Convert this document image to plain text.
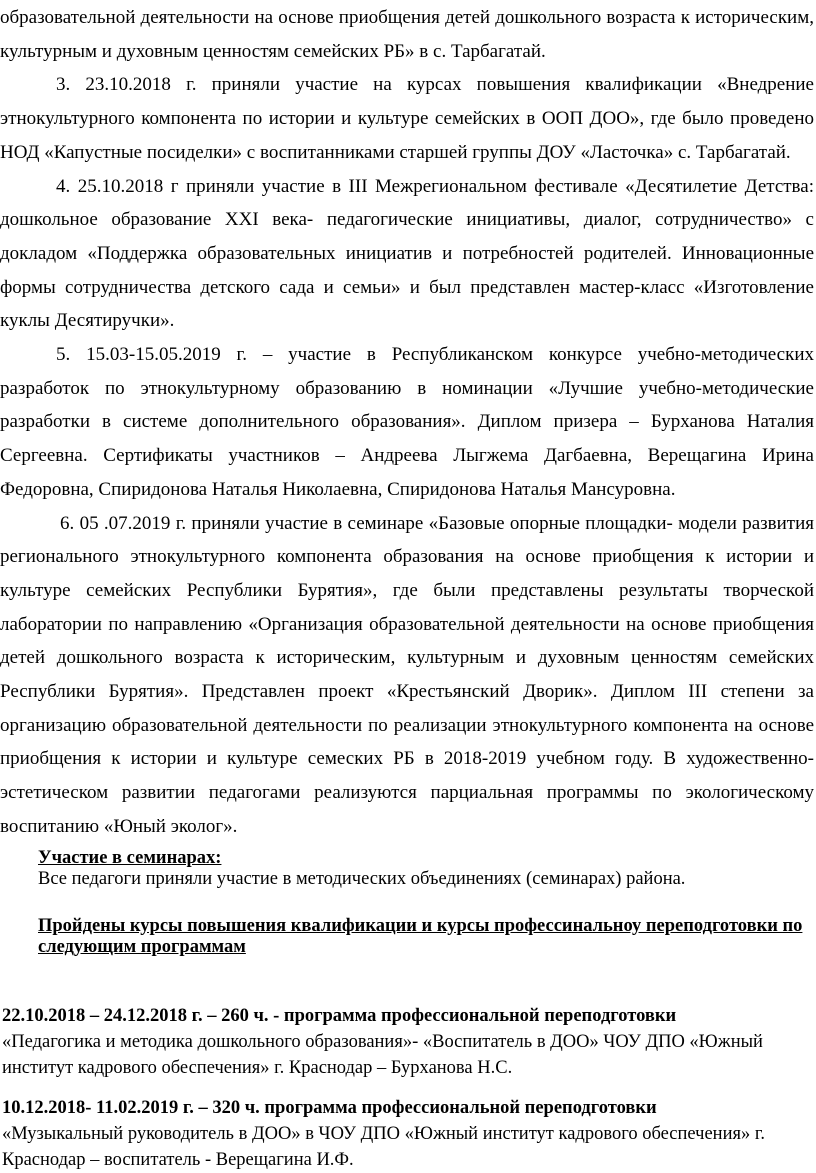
образовательной деятельности на основе приобщения детей дошкольного возраста к историческим, культурным и духовным ценностям семейских РБ» в с. Тарбагатай.

3. 23.10.2018 г. приняли участие на курсах повышения квалификации «Внедрение этнокультурного компонента по истории и культуре семейских в ООП ДОО», где было проведено НОД «Капустные посиделки» с воспитанниками старшей группы ДОУ «Ласточка» с. Тарбагатай.

4. 25.10.2018 г приняли участие в III Межрегиональном фестивале «Десятилетие Детства: дошкольное образование XXI века- педагогические инициативы, диалог, сотрудничество» с докладом «Поддержка образовательных инициатив и потребностей родителей. Инновационные формы сотрудничества детского сада и семьи» и был представлен мастер-класс «Изготовление куклы Десятиручки».

5. 15.03-15.05.2019 г. – участие в Республиканском конкурсе учебно-методических разработок по этнокультурному образованию в номинации «Лучшие учебно-методические разработки в системе дополнительного образования». Диплом призера – Бурханова Наталия Сергеевна. Сертификаты участников – Андреева Лыгжема Дагбаевна, Верещагина Ирина Федоровна, Спиридонова Наталья Николаевна, Спиридонова Наталья Мансуровна.

6. 05 .07.2019 г. приняли участие в семинаре «Базовые опорные площадки- модели развития регионального этнокультурного компонента образования на основе приобщения к истории и культуре семейских Республики Бурятия», где были представлены результаты творческой лаборатории по направлению «Организация образовательной деятельности на основе приобщения детей дошкольного возраста к историческим, культурным и духовным ценностям семейских Республики Бурятия». Представлен проект «Крестьянский Дворик». Диплом III степени за организацию образовательной деятельности по реализации этнокультурного компонента на основе приобщения к истории и культуре семеских РБ в 2018-2019 учебном году. В художественно-эстетическом развитии педагогами реализуются парциальная программы по экологическому воспитанию «Юный эколог».

Участие в семинарах:
Все педагоги приняли участие в методических объединениях (семинарах) района.
Пройдены курсы повышения квалификации и курсы профессинальноу переподготовки по следующим программам
22.10.2018 – 24.12.2018 г. – 260 ч. - программа профессиональной переподготовки
«Педагогика и методика дошкольного образования»- «Воспитатель в ДОО» ЧОУ ДПО «Южный институт кадрового обеспечения» г. Краснодар – Бурханова Н.С.
10.12.2018- 11.02.2019 г. – 320 ч. программа профессиональной переподготовки
«Музыкальный руководитель в ДОО» в ЧОУ ДПО «Южный институт кадрового обеспечения» г. Краснодар – воспитатель - Верещагина И.Ф.
